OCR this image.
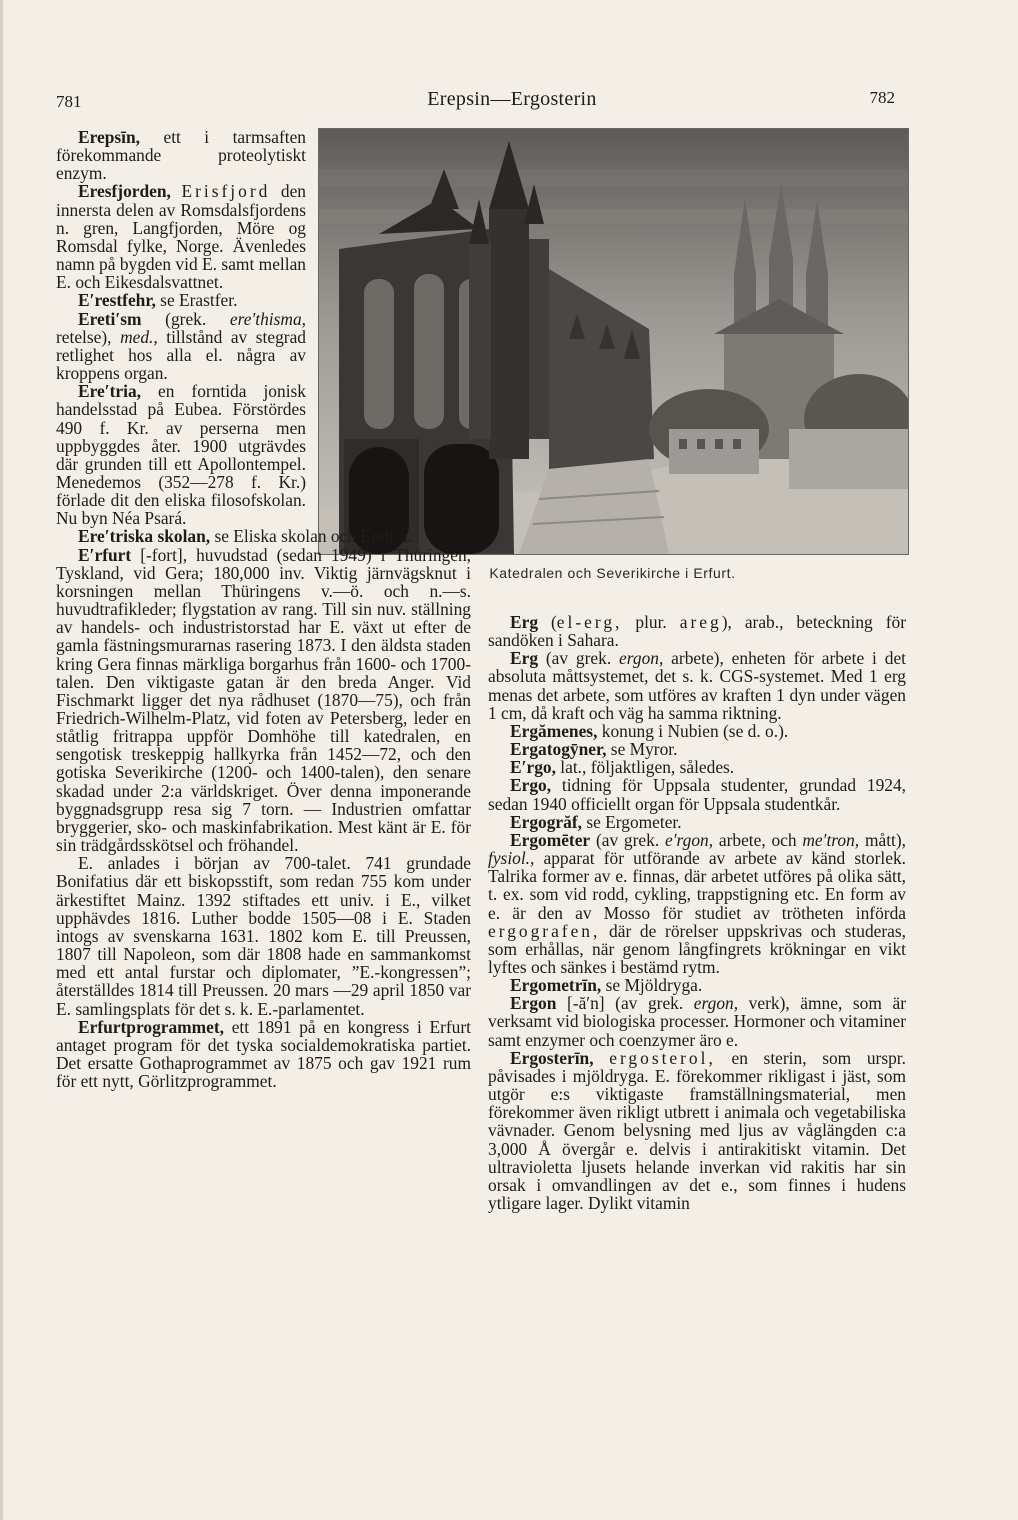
781	Erepsin—Ergosterin	782
Katedralen och Severikirche i Erfurt.

Erepsīn, ett i tarmsaften förekommande proteolytiskt enzym.

Eresfjorden, Erisfjord den innersta delen av Romsdalsfjordens n. gren, Langfjorden, Möre og Romsdal fylke, Norge. Ävenledes namn på bygden vid E. samt mellan E. och Eikesdalsvattnet.

E′restfehr, se Erastfer.

Ereti′sm (grek. ere′thisma, retelse), med., tillstånd av stegrad retlighet hos alla el. några av kroppens organ.

Ere′tria, en forntida jonisk handelsstad på Eubea. Förstördes 490 f. Kr. av perserna men uppbyggdes åter. 1900 utgrävdes där grunden till ett Apollontempel. Menedemos (352—278 f. Kr.) förlade dit den eliska filosofskolan. Nu byn Néa Psará.

Ere′triska skolan, se Eliska skolan och Eretria.

E′rfurt [-fort], huvudstad (sedan 1949) i Thüringen, Tyskland, vid Gera; 180,000 inv. Viktig järnvägsknut i korsningen mellan Thüringens v.—ö. och n.—s. huvudtrafikleder; flygstation av rang. Till sin nuv. ställning av handels- och industristorstad har E. växt ut efter de gamla fästningsmurarnas rasering 1873. I den äldsta staden kring Gera finnas märkliga borgarhus från 1600- och 1700-talen. Den viktigaste gatan är den breda Anger. Vid Fischmarkt ligger det nya rådhuset (1870—75), och från Friedrich-Wilhelm-Platz, vid foten av Petersberg, leder en ståtlig fritrappa uppför Domhöhe till katedralen, en sengotisk treskeppig hallkyrka från 1452—72, och den gotiska Severikirche (1200- och 1400-talen), den senare skadad under 2:a världskriget. Över denna imponerande byggnadsgrupp resa sig 7 torn. — Industrien omfattar bryggerier, sko- och maskinfabrikation. Mest känt är E. för sin trädgårdsskötsel och fröhandel.

E. anlades i början av 700-talet. 741 grundade Bonifatius där ett biskopsstift, som redan 755 kom under ärkestiftet Mainz. 1392 stiftades ett univ. i E., vilket upphävdes 1816. Luther bodde 1505—08 i E. Staden intogs av svenskarna 1631. 1802 kom E. till Preussen, 1807 till Napoleon, som där 1808 hade en sammankomst med ett antal furstar och diplomater, ”E.-kongressen”; återställdes 1814 till Preussen. 20 mars —29 april 1850 var E. samlingsplats för det s. k. E.-parlamentet.

Erfurtprogrammet, ett 1891 på en kongress i Erfurt antaget program för det tyska socialdemokratiska partiet. Det ersatte Gothaprogrammet av 1875 och gav 1921 rum för ett nytt, Görlitzprogrammet.

Erg (el-erg, plur. areg), arab., beteckning för sandöken i Sahara.

Erg (av grek. ergon, arbete), enheten för arbete i det absoluta måttsystemet, det s. k. CGS-systemet. Med 1 erg menas det arbete, som utföres av kraften 1 dyn under vägen 1 cm, då kraft och väg ha samma riktning.

Ergămenes, konung i Nubien (se d. o.).

Ergatogȳner, se Myror.

E′rgo, lat., följaktligen, således.

Ergo, tidning för Uppsala studenter, grundad 1924, sedan 1940 officiellt organ för Uppsala studentkår.

Ergogrăf, se Ergometer.

Ergomēter (av grek. e′rgon, arbete, och me′tron, mått), fysiol., apparat för utförande av arbete av känd storlek. Talrika former av e. finnas, där arbetet utföres på olika sätt, t. ex. som vid rodd, cykling, trappstigning etc. En form av e. är den av Mosso för studiet av trötheten införda ergografen, där de rörelser uppskrivas och studeras, som erhållas, när genom långfingrets krökningar en vikt lyftes och sänkes i bestämd rytm.

Ergometrīn, se Mjöldryga.

Ergon [-ă′n] (av grek. ergon, verk), ämne, som är verksamt vid biologiska processer. Hormoner och vitaminer samt enzymer och coenzymer äro e.

Ergosterīn, ergosterol, en sterin, som urspr. påvisades i mjöldryga. E. förekommer rikligast i jäst, som utgör e:s viktigaste framställningsmaterial, men förekommer även rikligt utbrett i animala och vegetabiliska vävnader. Genom belysning med ljus av våglängden c:a 3,000 Å övergår e. delvis i antirakitiskt vitamin. Det ultravioletta ljusets helande inverkan vid rakitis har sin orsak i omvandlingen av det e., som finnes i hudens ytligare lager. Dylikt vitamin
